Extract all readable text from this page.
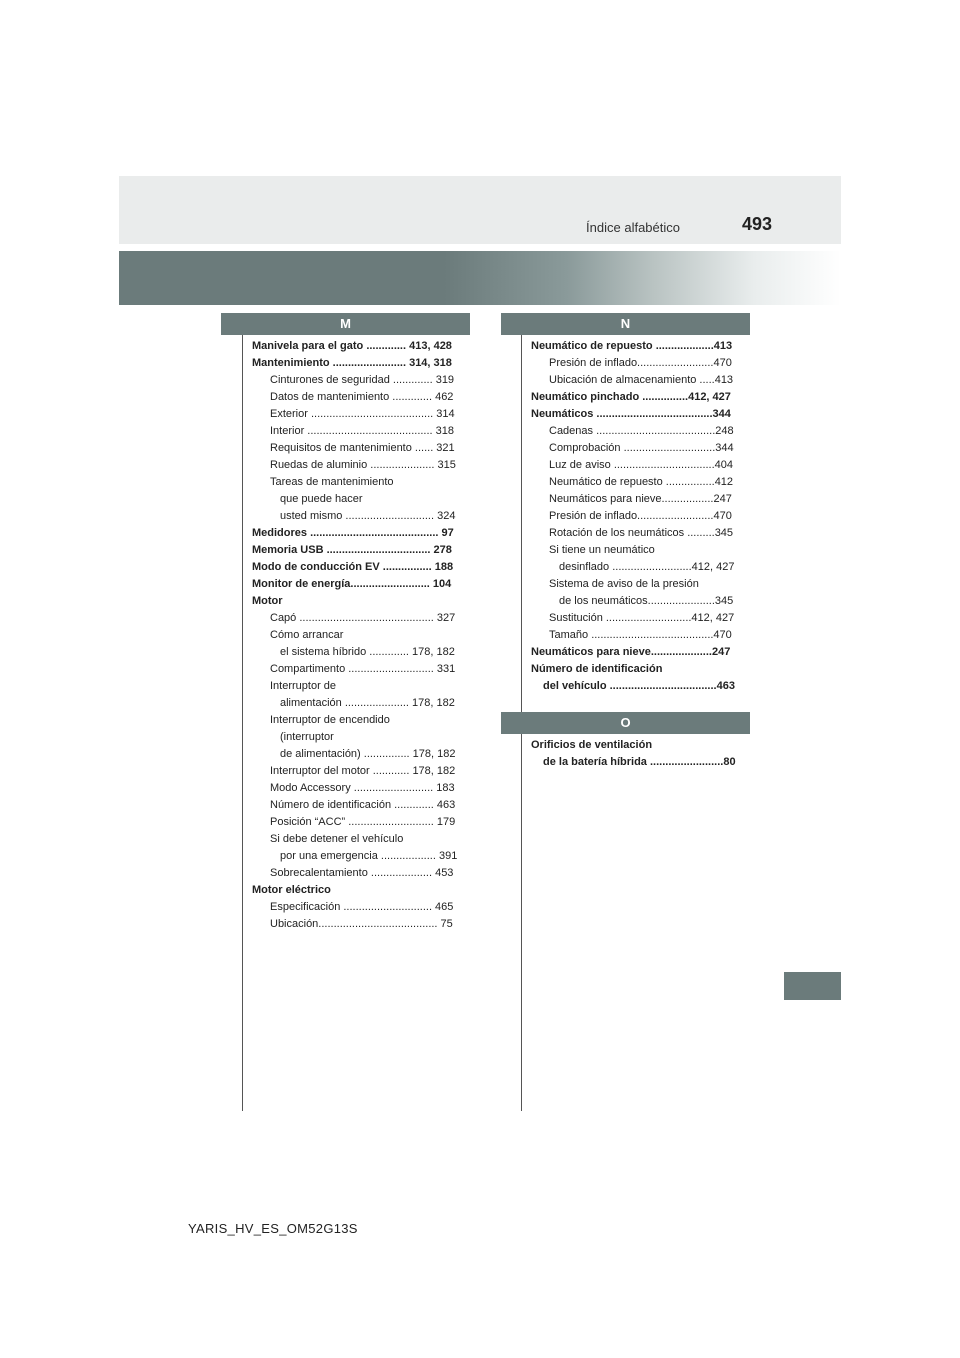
Índice alfabético	493
M	N
O
Manivela para el gato ............. 413, 428
Mantenimiento ........................ 314, 318
Cinturones de seguridad ............. 319
Datos de mantenimiento ............. 462
Exterior ........................................ 314
Interior ......................................... 318
Requisitos de mantenimiento ...... 321
Ruedas de aluminio ..................... 315
Tareas de mantenimiento
que puede hacer
usted mismo ............................. 324
Medidores .......................................... 97
Memoria USB .................................. 278
Modo de conducción EV ................ 188
Monitor de energía.......................... 104
Motor
Capó ............................................ 327
Cómo arrancar
el sistema híbrido ............. 178, 182
Compartimento ............................ 331
Interruptor de
alimentación ..................... 178, 182
Interruptor de encendido
(interruptor
de alimentación) ............... 178, 182
Interruptor del motor ............ 178, 182
Modo Accessory .......................... 183
Número de identificación ............. 463
Posición “ACC” ............................ 179
Si debe detener el vehículo
por una emergencia .................. 391
Sobrecalentamiento .................... 453
Motor eléctrico
Especificación ............................. 465
Ubicación....................................... 75
Neumático de repuesto ...................413
Presión de inflado.........................470
Ubicación de almacenamiento .....413
Neumático pinchado ...............412, 427
Neumáticos ......................................344
Cadenas .......................................248
Comprobación ..............................344
Luz de aviso .................................404
Neumático de repuesto ................412
Neumáticos para nieve.................247
Presión de inflado.........................470
Rotación de los neumáticos .........345
Si tiene un neumático
desinflado ..........................412, 427
Sistema de aviso de la presión
de los neumáticos......................345
Sustitución ............................412, 427
Tamaño ........................................470
Neumáticos para nieve....................247
Número de identificación
del vehículo ...................................463
Orificios de ventilación
de la batería híbrida ........................80
YARIS_HV_ES_OM52G13S
